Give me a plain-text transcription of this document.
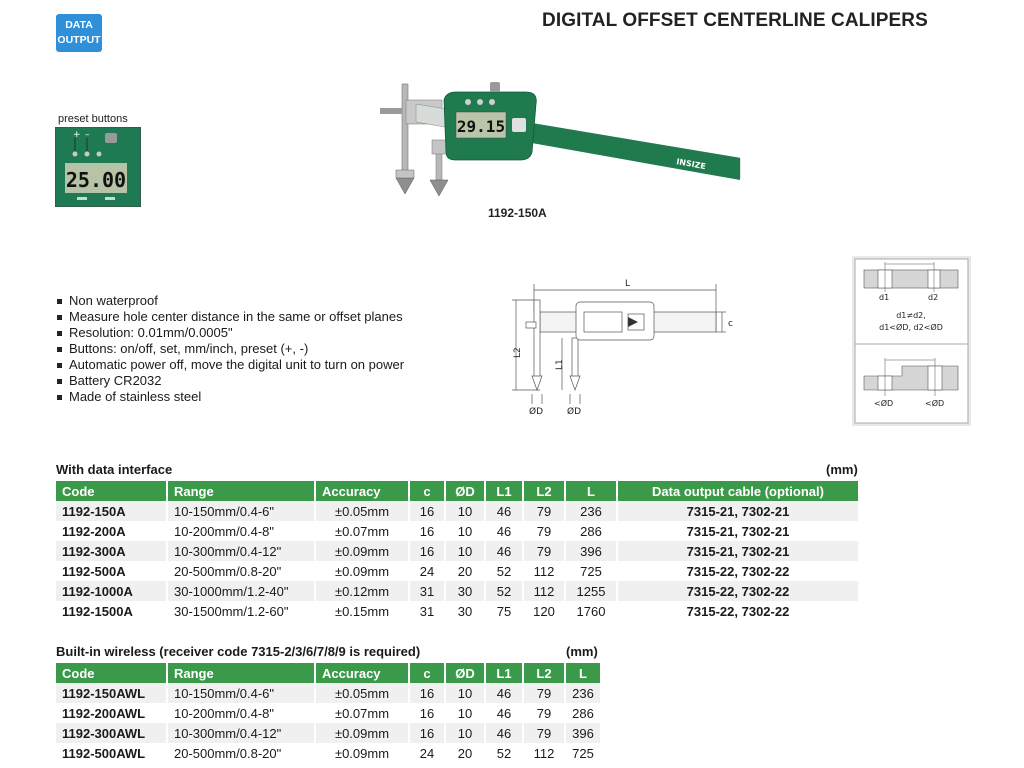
DATA
OUTPUT
DIGITAL OFFSET CENTERLINE CALIPERS
preset buttons
+ –
25.00
INSIZE
29.15
1192-150A
Non waterproof
Measure hole center distance in the same or offset planes
Resolution: 0.01mm/0.0005"
Buttons: on/off, set, mm/inch, preset (+, -)
Automatic power off, move the digital unit to turn on power
Battery CR2032
Made of stainless steel
L
c
L2
L1
ØD	ØD
d1	d2
d1≠d2,
d1<ØD, d2<ØD
<ØD	<ØD
With data interface	(mm)
Code	Range	Accuracy	c	ØD	L1	L2	L	Data output cable (optional)
1192-150A	10-150mm/0.4-6"	±0.05mm	16	10	46	79	236	7315-21, 7302-21
1192-200A	10-200mm/0.4-8"	±0.07mm	16	10	46	79	286	7315-21, 7302-21
1192-300A	10-300mm/0.4-12"	±0.09mm	16	10	46	79	396	7315-21, 7302-21
1192-500A	20-500mm/0.8-20"	±0.09mm	24	20	52	112	725	7315-22, 7302-22
1192-1000A	30-1000mm/1.2-40"	±0.12mm	31	30	52	112	1255	7315-22, 7302-22
1192-1500A	30-1500mm/1.2-60"	±0.15mm	31	30	75	120	1760	7315-22, 7302-22
Built-in wireless (receiver code 7315-2/3/6/7/8/9 is required)	(mm)
Code	Range	Accuracy	c	ØD	L1	L2	L
1192-150AWL	10-150mm/0.4-6"	±0.05mm	16	10	46	79	236
1192-200AWL	10-200mm/0.4-8"	±0.07mm	16	10	46	79	286
1192-300AWL	10-300mm/0.4-12"	±0.09mm	16	10	46	79	396
1192-500AWL	20-500mm/0.8-20"	±0.09mm	24	20	52	112	725
